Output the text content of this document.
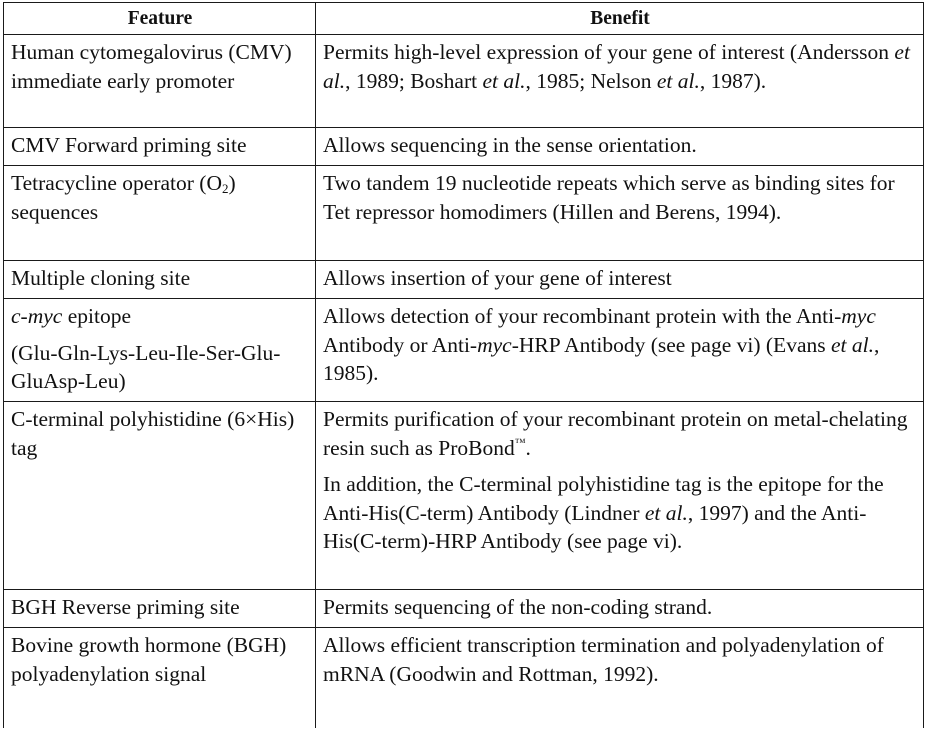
Feature	Benefit
Human cytomegalovirus (CMV) immediate early promoter	Permits high-level expression of your gene of interest (Andersson et al., 1989; Boshart et al., 1985; Nelson et al., 1987).
CMV Forward priming site	Allows sequencing in the sense orientation.
Tetracycline operator $(O_2)$ sequences	Two tandem 19 nucleotide repeats which serve as binding sites for Tet repressor homodimers (Hillen and Berens, 1994).
Multiple cloning site	Allows insertion of your gene of interest
c-myc epitope
(Glu-Gln-Lys-Leu-Ile-Ser-Glu-GluAsp-Leu)	Allows detection of your recombinant protein with the Anti-myc Antibody or Anti-myc-HRP Antibody (see page vi) (Evans et al., 1985).
C-terminal polyhistidine (6×His) tag	Permits purification of your recombinant protein on metal-chelating resin such as ProBond™.

In addition, the C-terminal polyhistidine tag is the epitope for the Anti-His(C-term) Antibody (Lindner et al., 1997) and the Anti-His(C-term)-HRP Antibody (see page vi).

BGH Reverse priming site	Permits sequencing of the non-coding strand.
Bovine growth hormone (BGH) polyadenylation signal	Allows efficient transcription termination and polyadenylation of mRNA (Goodwin and Rottman, 1992).
